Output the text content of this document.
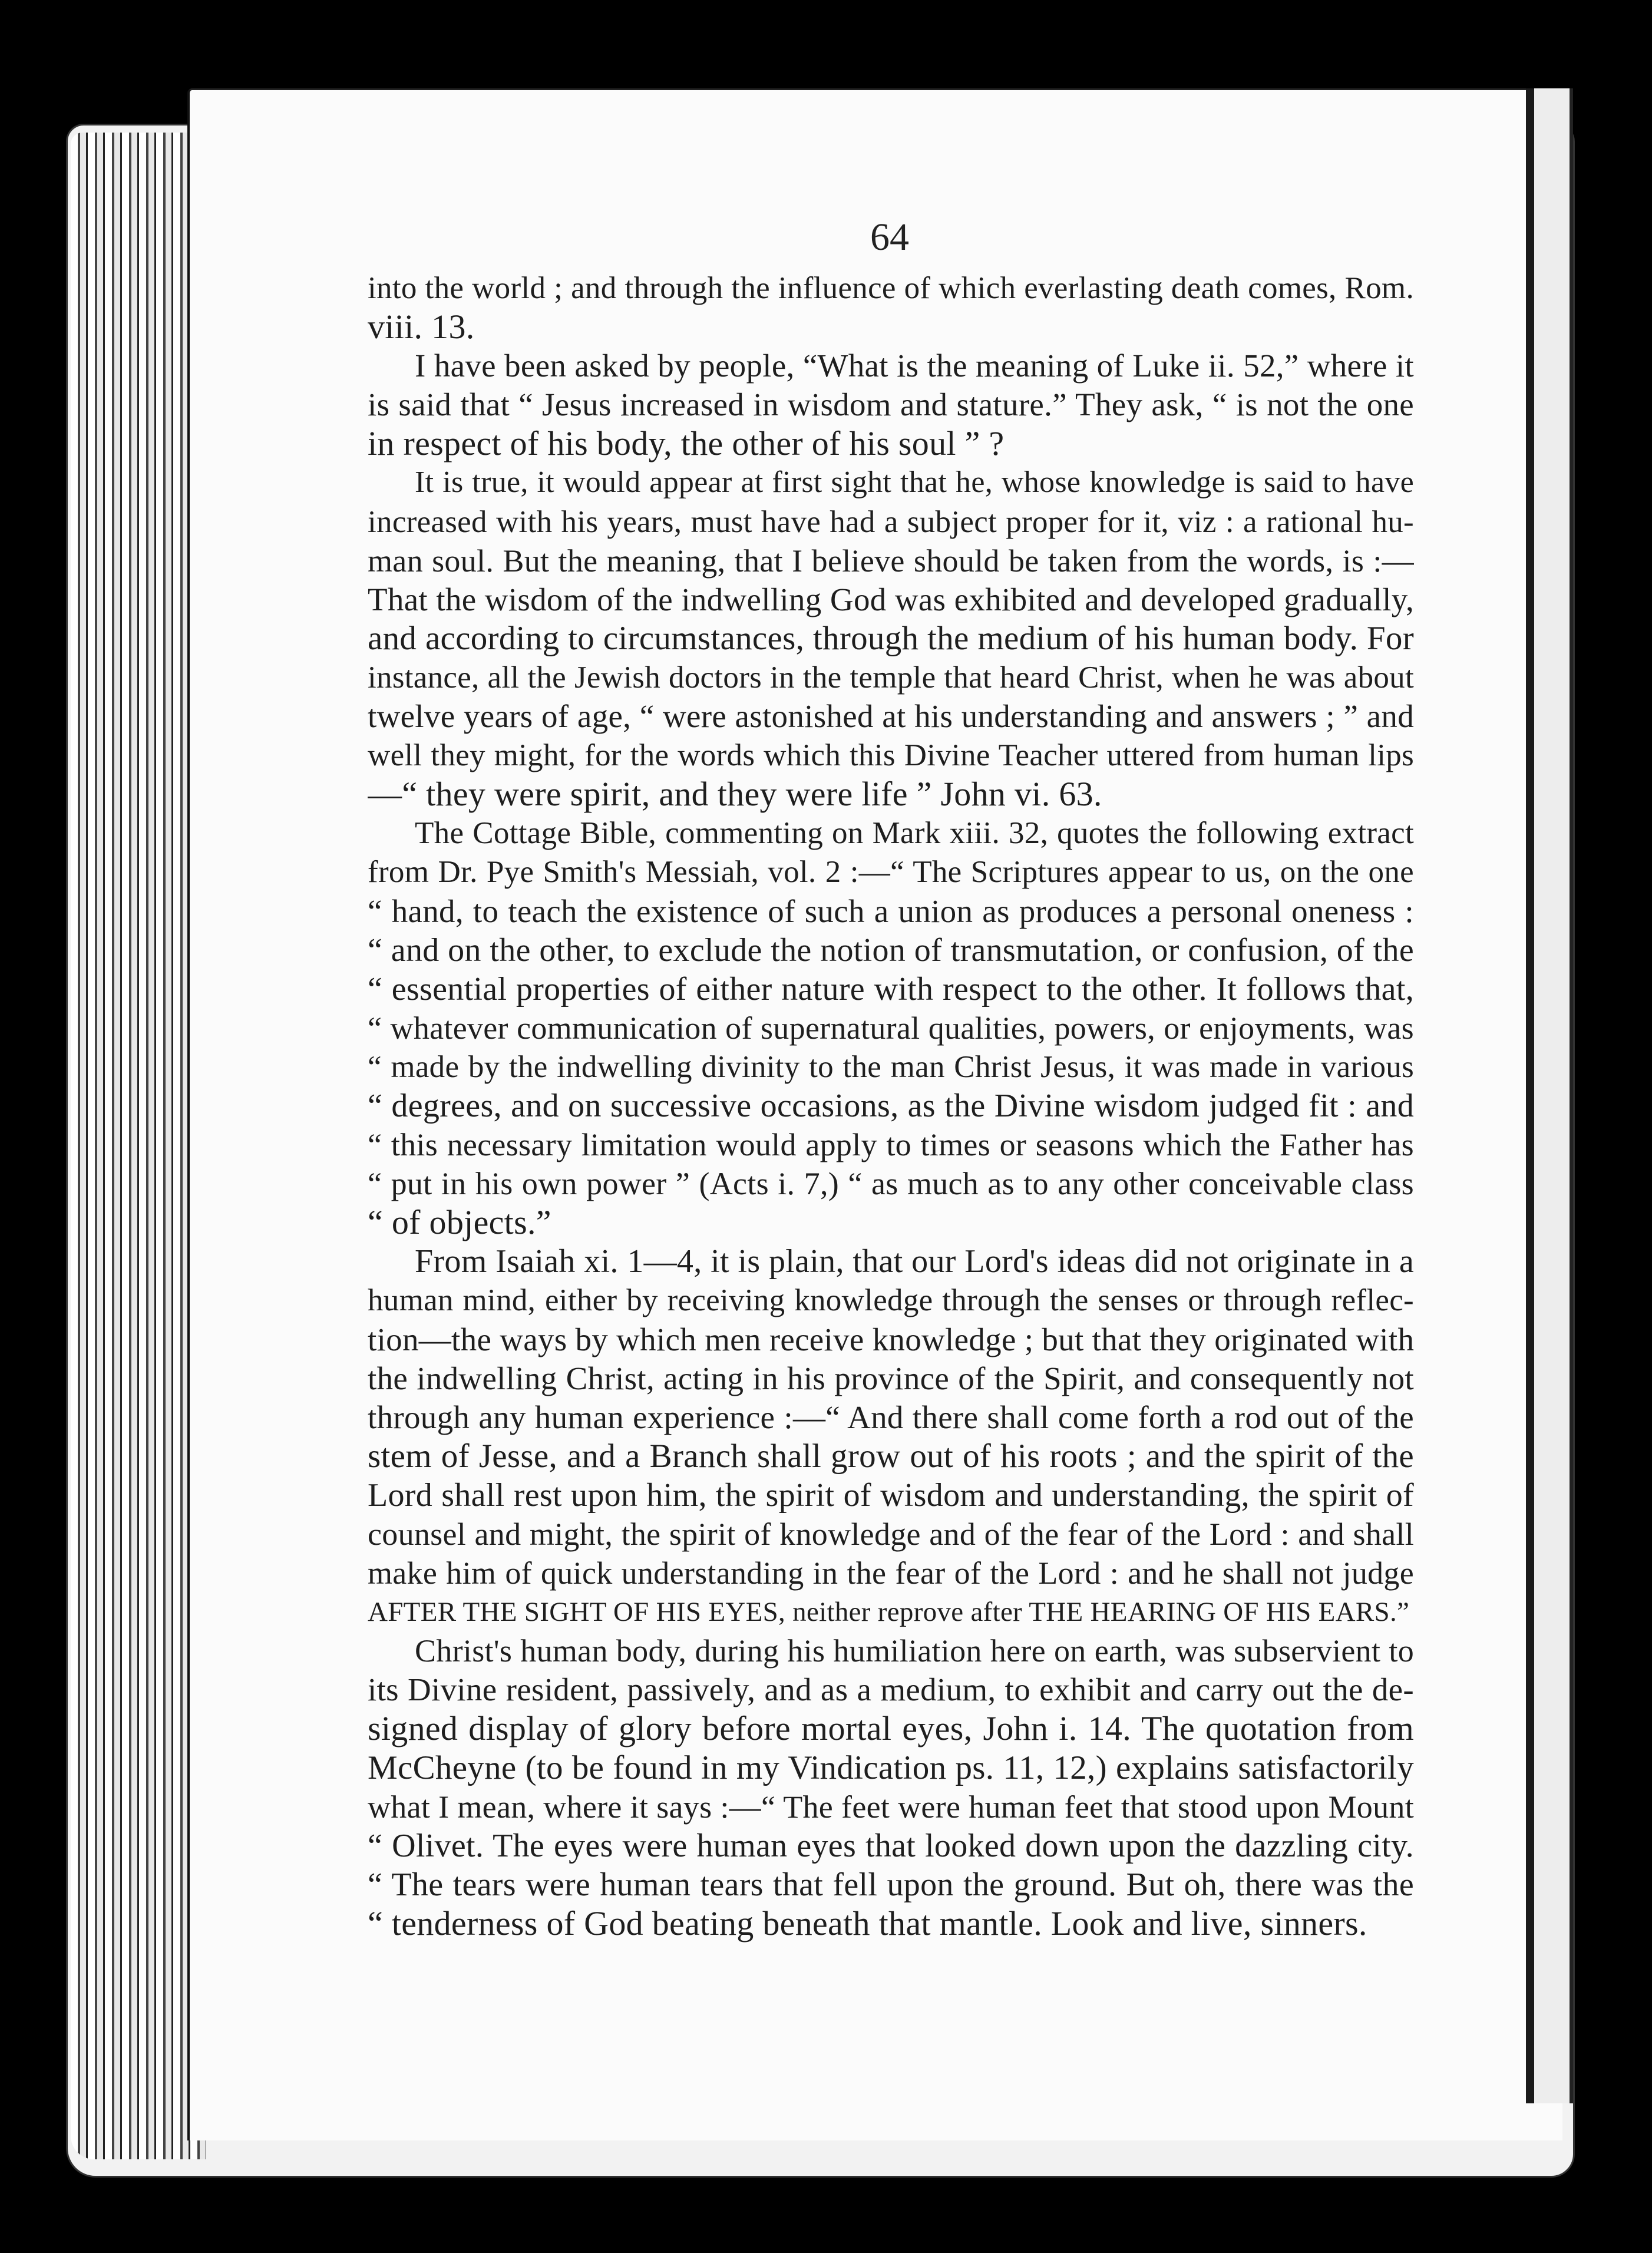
64

into the world ; and through the influence of which everlasting death comes, Rom.

viii. 13.

I have been asked by people, “What is the meaning of Luke ii. 52,” where it

is said that “ Jesus increased in wisdom and stature.” They ask, “ is not the one

in respect of his body, the other of his soul ” ?

It is true, it would appear at first sight that he, whose knowledge is said to have

increased with his years, must have had a subject proper for it, viz : a rational hu-

man soul. But the meaning, that I believe should be taken from the words, is :—

That the wisdom of the indwelling God was exhibited and developed gradually,

and according to circumstances, through the medium of his human body. For

instance, all the Jewish doctors in the temple that heard Christ, when he was about

twelve years of age, “ were astonished at his understanding and answers ; ” and

well they might, for the words which this Divine Teacher uttered from human lips

—“ they were spirit, and they were life ” John vi. 63.

The Cottage Bible, commenting on Mark xiii. 32, quotes the following extract

from Dr. Pye Smith's Messiah, vol. 2 :—“ The Scriptures appear to us, on the one

“ hand, to teach the existence of such a union as produces a personal oneness :

“ and on the other, to exclude the notion of transmutation, or confusion, of the

“ essential properties of either nature with respect to the other. It follows that,

“ whatever communication of supernatural qualities, powers, or enjoyments, was

“ made by the indwelling divinity to the man Christ Jesus, it was made in various

“ degrees, and on successive occasions, as the Divine wisdom judged fit : and

“ this necessary limitation would apply to times or seasons which the Father has

“ put in his own power ” (Acts i. 7,) “ as much as to any other conceivable class

“ of objects.”

From Isaiah xi. 1—4, it is plain, that our Lord's ideas did not originate in a

human mind, either by receiving knowledge through the senses or through reflec-

tion—the ways by which men receive knowledge ; but that they originated with

the indwelling Christ, acting in his province of the Spirit, and consequently not

through any human experience :—“ And there shall come forth a rod out of the

stem of Jesse, and a Branch shall grow out of his roots ; and the spirit of the

Lord shall rest upon him, the spirit of wisdom and understanding, the spirit of

counsel and might, the spirit of knowledge and of the fear of the Lord : and shall

make him of quick understanding in the fear of the Lord : and he shall not judge

AFTER THE SIGHT OF HIS EYES, neither reprove after THE HEARING OF HIS EARS.”

Christ's human body, during his humiliation here on earth, was subservient to

its Divine resident, passively, and as a medium, to exhibit and carry out the de-

signed display of glory before mortal eyes, John i. 14. The quotation from

McCheyne (to be found in my Vindication ps. 11, 12,) explains satisfactorily

what I mean, where it says :—“ The feet were human feet that stood upon Mount

“ Olivet. The eyes were human eyes that looked down upon the dazzling city.

“ The tears were human tears that fell upon the ground. But oh, there was the

“ tenderness of God beating beneath that mantle. Look and live, sinners.
